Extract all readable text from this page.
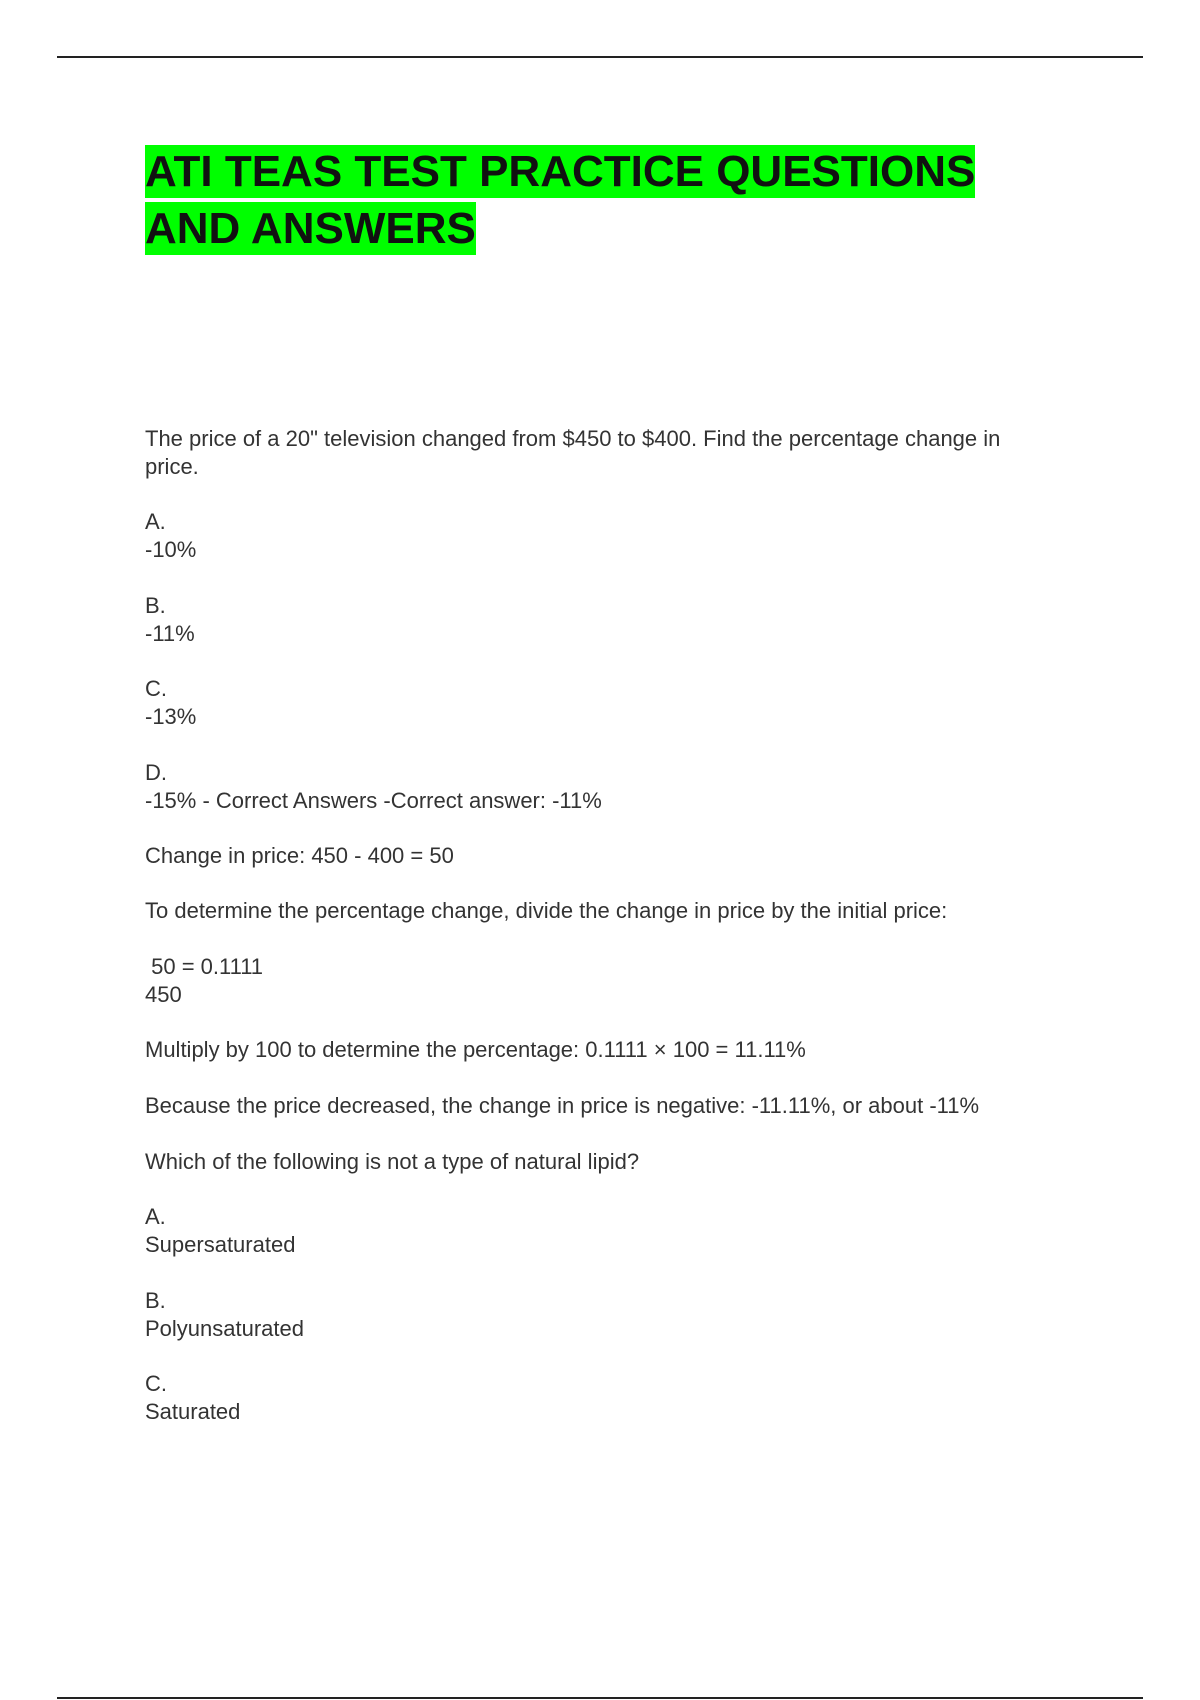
ATI TEAS TEST PRACTICE QUESTIONS
AND ANSWERS

The price of a 20" television changed from $450 to $400. Find the percentage change in
price.

A.
-10%

B.
-11%

C.
-13%

D.
-15% - Correct Answers -Correct answer: -11%

Change in price: 450 - 400 = 50

To determine the percentage change, divide the change in price by the initial price:

50 = 0.1111
450

Multiply by 100 to determine the percentage: 0.1111 × 100 = 11.11%

Because the price decreased, the change in price is negative: -11.11%, or about -11%

Which of the following is not a type of natural lipid?

A.
Supersaturated

B.
Polyunsaturated

C.
Saturated
